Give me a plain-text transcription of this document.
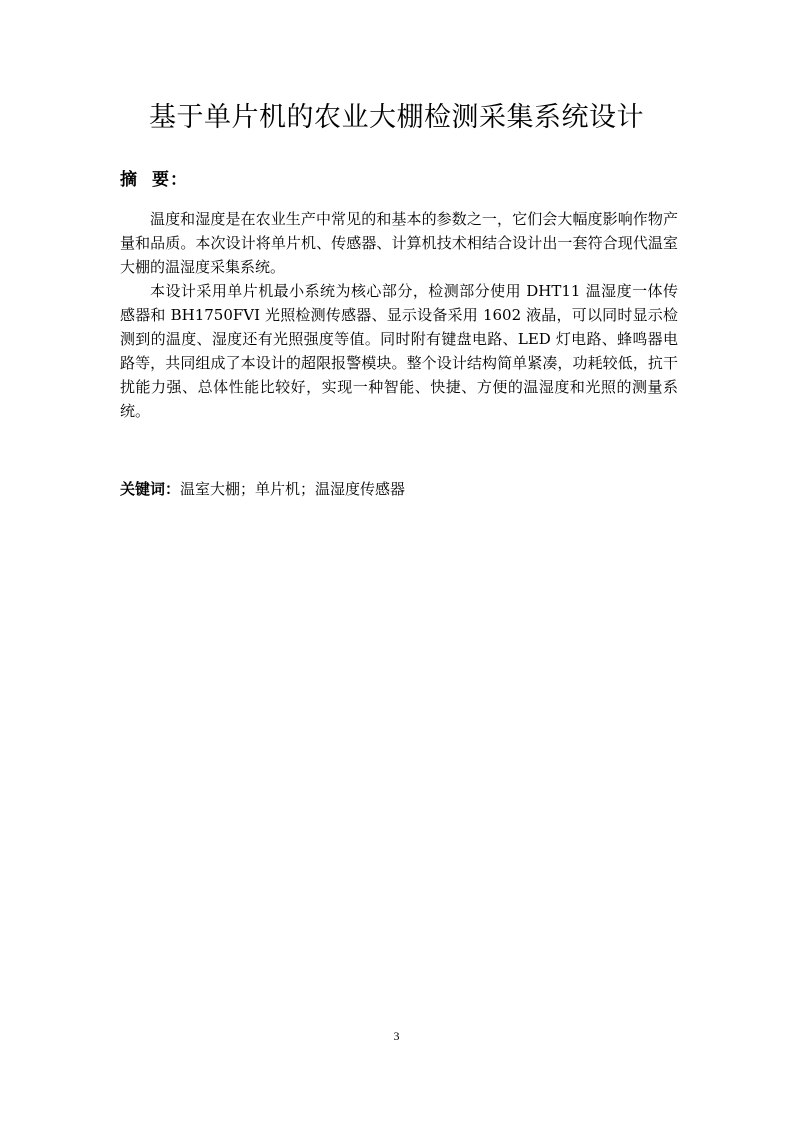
基于单片机的农业大棚检测采集系统设计
摘 要：

温度和湿度是在农业生产中常见的和基本的参数之一，它们会大幅度影响作物产量和品质。本次设计将单片机、传感器、计算机技术相结合设计出一套符合现代温室大棚的温湿度采集系统。

本设计采用单片机最小系统为核心部分，检测部分使用 DHT11 温湿度一体传感器和 BH1750FVI 光照检测传感器、显示设备采用 1602 液晶，可以同时显示检测到的温度、湿度还有光照强度等值。同时附有键盘电路、LED 灯电路、蜂鸣器电路等，共同组成了本设计的超限报警模块。整个设计结构简单紧凑，功耗较低，抗干扰能力强、总体性能比较好，实现一种智能、快捷、方便的温湿度和光照的测量系统。

关键词：温室大棚；单片机；温湿度传感器

3
